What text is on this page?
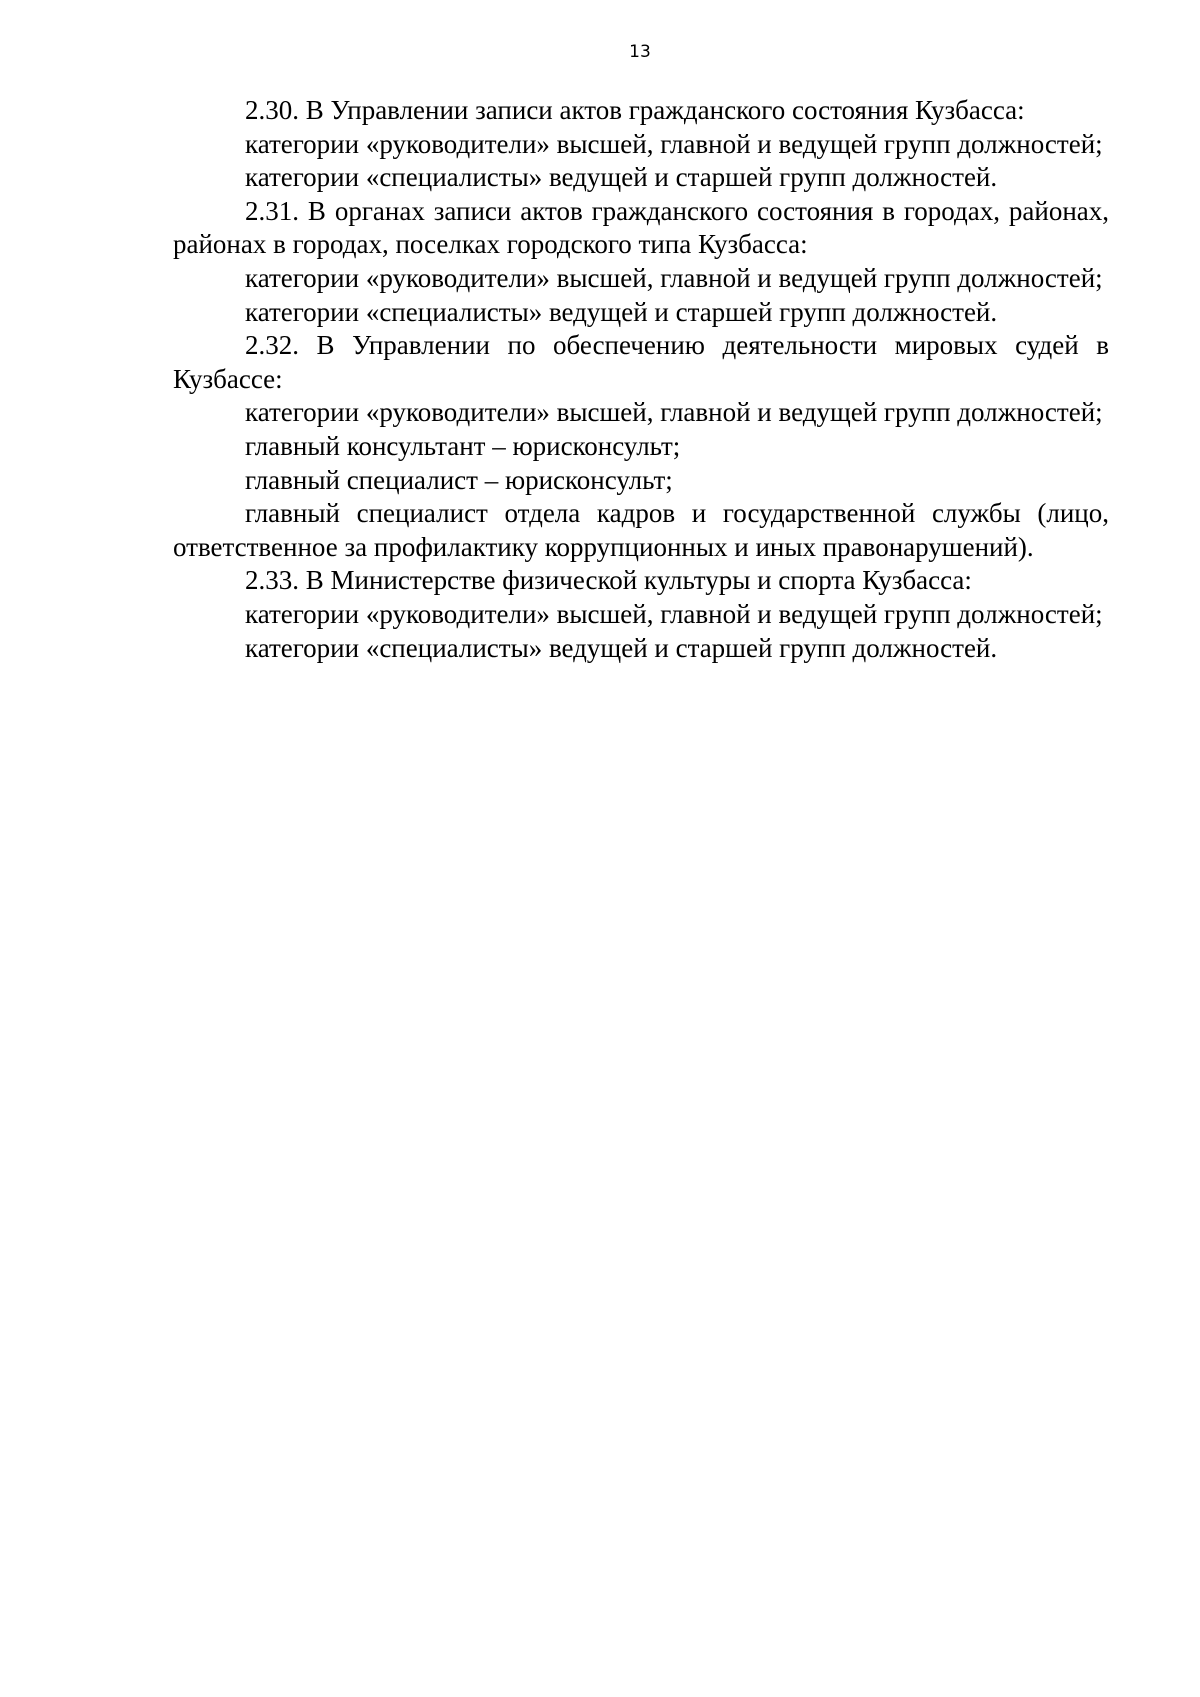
13

2.30. В Управлении записи актов гражданского состояния Кузбасса:

категории «руководители» высшей, главной и ведущей групп должностей;

категории «специалисты» ведущей и старшей групп должностей.

2.31. В органах записи актов гражданского состояния в городах, районах, районах в городах, поселках городского типа Кузбасса:

категории «руководители» высшей, главной и ведущей групп должностей;

категории «специалисты» ведущей и старшей групп должностей.

2.32. В Управлении по обеспечению деятельности мировых судей в Кузбассе:

категории «руководители» высшей, главной и ведущей групп должностей;

главный консультант – юрисконсульт;

главный специалист – юрисконсульт;

главный специалист отдела кадров и государственной службы (лицо, ответственное за профилактику коррупционных и иных правонарушений).

2.33. В Министерстве физической культуры и спорта Кузбасса:

категории «руководители» высшей, главной и ведущей групп должностей;

категории «специалисты» ведущей и старшей групп должностей.
